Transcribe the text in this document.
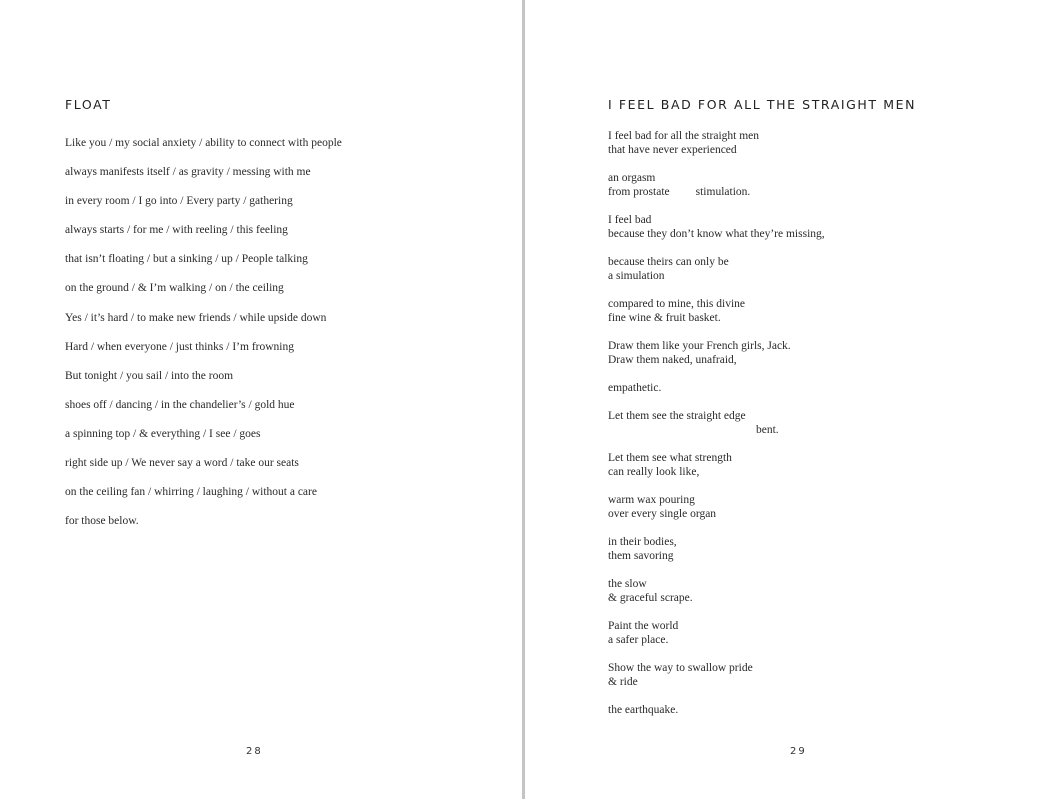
FLOAT
Like you / my social anxiety / ability to connect with people
always manifests itself / as gravity / messing with me
in every room / I go into / Every party / gathering
always starts / for me / with reeling / this feeling
that isn’t floating / but a sinking / up / People talking
on the ground / & I’m walking / on / the ceiling
Yes / it’s hard / to make new friends / while upside down
Hard / when everyone / just thinks / I’m frowning
But tonight / you sail / into the room
shoes off / dancing / in the chandelier’s / gold hue
a spinning top / & everything / I see / goes
right side up / We never say a word / take our seats
on the ceiling fan / whirring / laughing / without a care
for those below.
28
I FEEL BAD FOR ALL THE STRAIGHT MEN
I feel bad for all the straight men
that have never experienced
an orgasm
from prostate stimulation.
I feel bad
because they don’t know what they’re missing,
because theirs can only be
a simulation
compared to mine, this divine
fine wine & fruit basket.
Draw them like your French girls, Jack.
Draw them naked, unafraid,
empathetic.
Let them see the straight edge
bent.
Let them see what strength
can really look like,
warm wax pouring
over every single organ
in their bodies,
them savoring
the slow
& graceful scrape.
Paint the world
a safer place.
Show the way to swallow pride
& ride
the earthquake.
29
